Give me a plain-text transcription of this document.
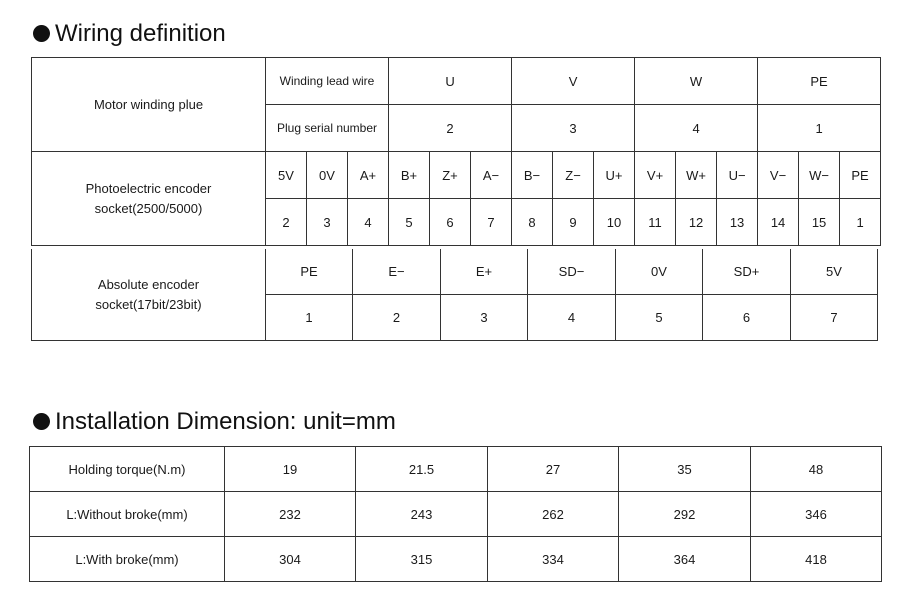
Wiring definition
Motor winding plue	Winding lead wire			U			V			W			PE		
	Plug serial number			2			3			4			1		
Photoelectric encoder
socket(2500/5000)	5V	0V	A+	B+	Z+	A−	B−	Z−	U+	V+	W+	U−	V−	W−	PE
	2	3	4	5	6	7	8	9	10	11	12	13	14	15	1
Absolute encoder
socket(17bit/23bit)	PE	E−	E+	SD−	0V	SD+	5V
	1	2	3	4	5	6	7
Installation Dimension: unit=mm
Holding torque(N.m)	19	21.5	27	35	48
L:Without broke(mm)	232	243	262	292	346
L:With broke(mm)	304	315	334	364	418
